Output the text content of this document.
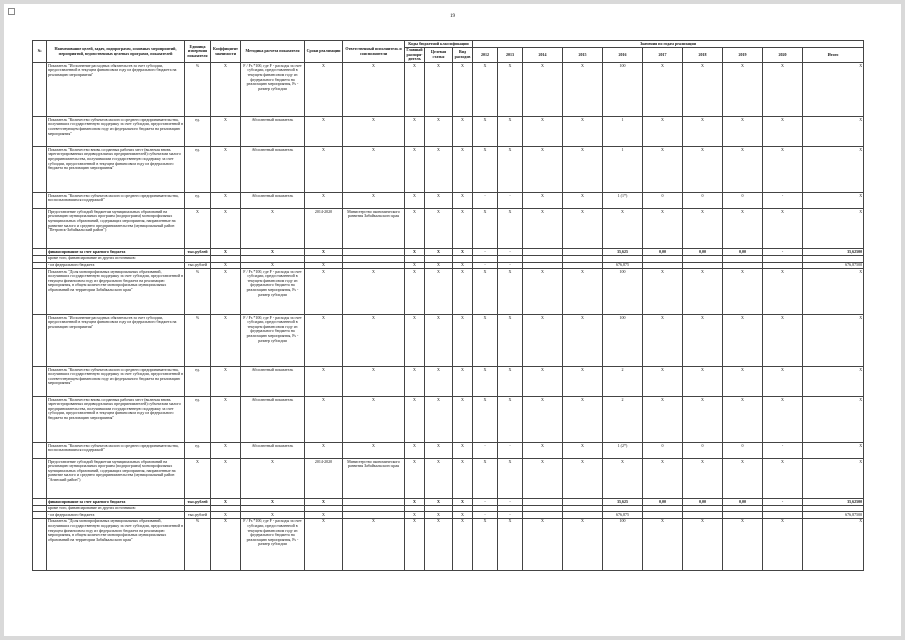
19
№	Наименование целей, задач, подпрограмм, основных мероприятий, мероприятий, ведомственных целевых программ, показателей	Единица измерения показателя	Коэффициент значимости	Методика расчета показателя	Сроки реализации	Ответственный исполнитель и соисполнители	Коды бюджетной классификации			Значения по годам реализации									
							Главный распоря-дитель	Целевая статья	Вид расходов	2012	2013	2014	2015	2016	2017	2018	2019	2020	Итого
	Показатель "Исполнение расходных обязательств за счет субсидии, предоставленной в текущем финансовом году из федерального бюджета на реализацию мероприятия"	%	Х	F / Fs *100, где F - расходы за счет субсидии, предоставленной в текущем финансовом году из федерального бюджета на реализацию мероприятия, Fs - размер субсидии	Х	Х	Х	Х	Х	Х	Х	Х	Х	100	Х	Х	Х	Х	Х
	Показатель "Количество субъектов малого и среднего предпринимательства, получивших государственную поддержку за счет субсидии, предоставленной в соответствующем финансовом году из федерального бюджета на реализацию мероприятия"	ед.	Х	Абсолютный показатель	Х	Х	Х	Х	Х	Х	Х	Х	Х	1	Х	Х	Х	Х	Х
	Показатель "Количество вновь созданных рабочих мест (включая вновь зарегистрированных индивидуальных предпринимателей) субъектами малого предпринимательства, получившими государственную поддержку за счет субсидии, предоставленной в текущем финансовом году из федерального бюджета на реализацию мероприятия"	ед.	Х	Абсолютный показатель	Х	Х	Х	Х	Х	Х	Х	Х	Х	1	Х	Х	Х	Х	Х
	Показатель "Количество субъектов малого и среднего предпринимательства, воспользовавшихся поддержкой"	ед.	Х	Абсолютный показатель	Х	Х	Х	Х	Х	-	-	Х	Х	1 (1*)	0	0	0	-	Х
	Предоставление субсидий бюджетам муниципальных образований на реализацию муниципальных программ (подпрограмм) монопрофильных муниципальных образований, содержащих мероприятия, направленные на развитие малого и среднего предпринимательства (муниципальный район "Петровск-Забайкальский район")	Х	Х	Х	2014-2020	Министерство экономического развития Забайкальского края	Х	Х	Х	Х	Х	Х	Х	Х	Х	Х	Х	Х	Х
	финансирование за счет краевого бюджета	тыс.рублей	Х	Х	Х		Х	Х	Х	-	-			35,625	0,00	0,00	0,00	-	35,62500
	кроме того, финансирование из других источников:																		
	- из федерального бюджета	тыс.рублей	Х	Х	Х		Х	Х	Х	-	-			676,875					676,87500
	Показатель "Доля монопрофильных муниципальных образований, получивших государственную поддержку за счет субсидии, предоставленной в текущем финансовом году из федерального бюджета на реализацию мероприятия, в общем количестве монопрофильных муниципальных образований на территории Забайкальского края"	%	Х	F / Fs *100, где F - расходы за счет субсидии, предоставленной в текущем финансовом году из федерального бюджета на реализацию мероприятия, Fs - размер субсидии	Х	Х	Х	Х	Х	Х	Х	Х	Х	100	Х	Х	Х	Х	Х
	Показатель "Исполнение расходных обязательств за счет субсидии, предоставленной в текущем финансовом году из федерального бюджета на реализацию мероприятия"	%	Х	F / Fs *100, где F - расходы за счет субсидии, предоставленной в текущем финансовом году из федерального бюджета на реализацию мероприятия, Fs - размер субсидии	Х	Х	Х	Х	Х	Х	Х	Х	Х	100	Х	Х	Х	Х	Х
	Показатель "Количество субъектов малого и среднего предпринимательства, получивших государственную поддержку за счет субсидии, предоставленной в соответствующем финансовом году из федерального бюджета на реализацию мероприятия"	ед.	Х	Абсолютный показатель	Х	Х	Х	Х	Х	Х	Х	Х	Х	2	Х	Х	Х	Х	Х
	Показатель "Количество вновь созданных рабочих мест (включая вновь зарегистрированных индивидуальных предпринимателей) субъектами малого предпринимательства, получившими государственную поддержку за счет субсидии, предоставленной в текущем финансовом году из федерального бюджета на реализацию мероприятия"	ед.	Х	Абсолютный показатель	Х	Х	Х	Х	Х	Х	Х	Х	Х	2	Х	Х	Х	Х	Х
	Показатель "Количество субъектов малого и среднего предпринимательства, воспользовавшихся поддержкой"	ед.	Х	Абсолютный показатель	Х	Х	Х	Х	Х	-	-	Х	Х	1 (2*)	0	0	0	-	Х
	Предоставление субсидий бюджетам муниципальных образований на реализацию муниципальных программ (подпрограмм) монопрофильных муниципальных образований, содержащих мероприятия, направленные на развитие малого и среднего предпринимательства (муниципальный район "Агинский район")	Х	Х	Х	2014-2020	Министерство экономического развития Забайкальского края	Х	Х	Х	Х	Х	Х	Х	Х	Х	Х	Х	Х	Х
	финансирование за счет краевого бюджета	тыс.рублей	Х	Х	Х		Х	Х	Х	-	-			35,625	0,00	0,00	0,00	-	35,62500
	кроме того, финансирование из других источников:																		
	- из федерального бюджета	тыс.рублей	Х	Х	Х		Х	Х	Х	-	-			676,875					676,87500
	Показатель "Доля монопрофильных муниципальных образований, получивших государственную поддержку за счет субсидии, предоставленной в текущем финансовом году из федерального бюджета на реализацию мероприятия, в общем количестве монопрофильных муниципальных образований на территории Забайкальского края"	%	Х	F / Fs *100, где F - расходы за счет субсидии, предоставленной в текущем финансовом году из федерального бюджета на реализацию мероприятия, Fs - размер субсидии	Х	Х	Х	Х	Х	Х	Х	Х	Х	100	Х	Х	Х	Х	Х
